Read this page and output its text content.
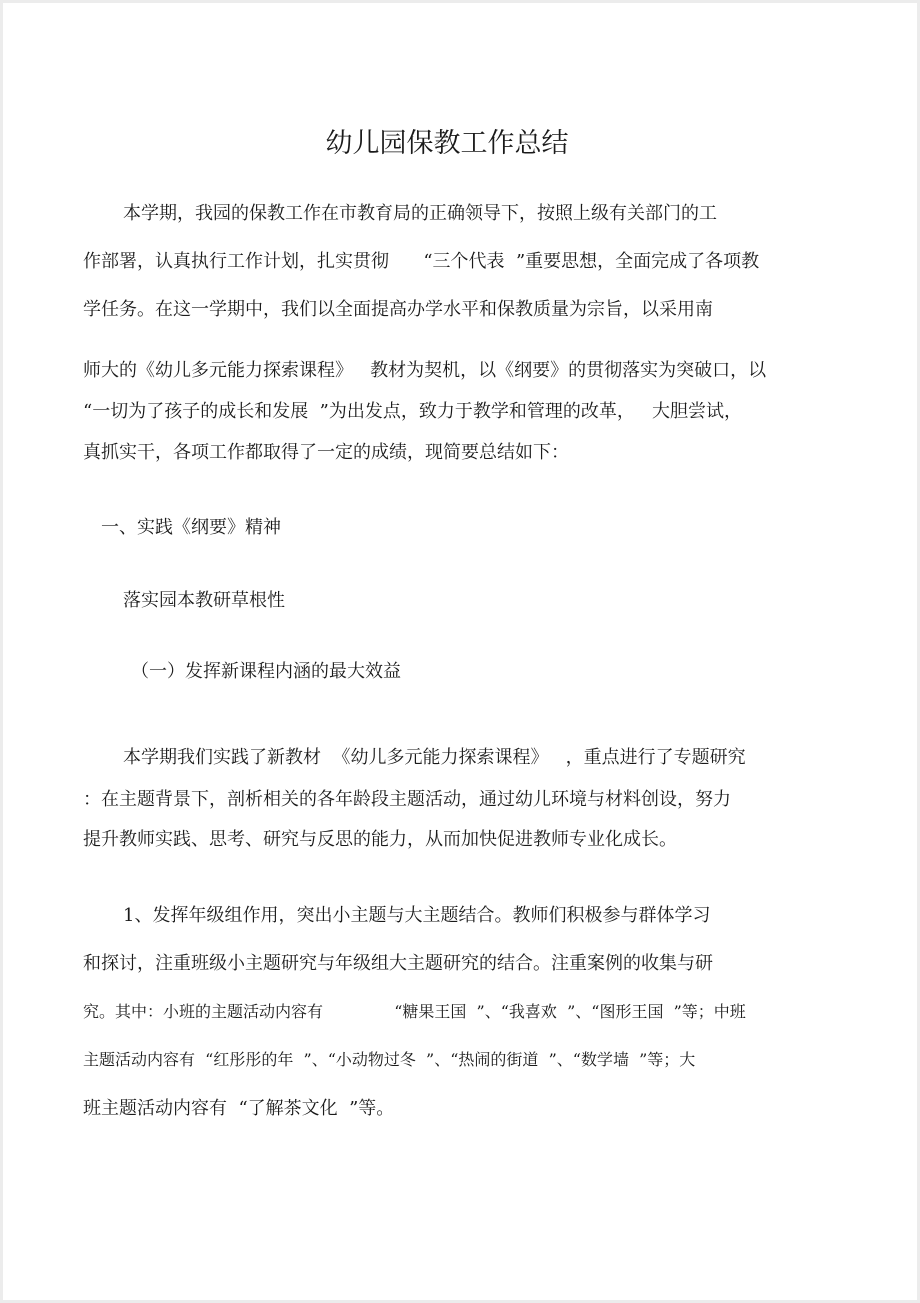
幼儿园保教工作总结
本学期，我园的保教工作在市教育局的正确领导下，按照上级有关部门的工
作部署，认真执行工作计划，扎实贯彻      “三个代表  ”重要思想，全面完成了各项教
学任务。在这一学期中，我们以全面提高办学水平和保教质量为宗旨，以采用南
师大的《幼儿多元能力探索课程》   教材为契机，以《纲要》的贯彻落实为突破口，以
“一切为了孩子的成长和发展  ”为出发点，致力于教学和管理的改革，   大胆尝试，
真抓实干，各项工作都取得了一定的成绩，现简要总结如下：
一、实践《纲要》精神
落实园本教研草根性
（一）发挥新课程内涵的最大效益
本学期我们实践了新教材  《幼儿多元能力探索课程》   ，重点进行了专题研究
：在主题背景下，剖析相关的各年龄段主题活动，通过幼儿环境与材料创设，努力
提升教师实践、思考、研究与反思的能力，从而加快促进教师专业化成长。
1、发挥年级组作用，突出小主题与大主题结合。教师们积极参与群体学习
和探讨，注重班级小主题研究与年级组大主题研究的结合。注重案例的收集与研
究。其中：小班的主题活动内容有              “糖果王国  ”、“我喜欢  ”、“图形王国  ”等；中班
主题活动内容有  “红彤彤的年  ”、“小动物过冬  ”、“热闹的街道  ”、“数学墙  ”等；大
班主题活动内容有  “了解茶文化  ”等。
